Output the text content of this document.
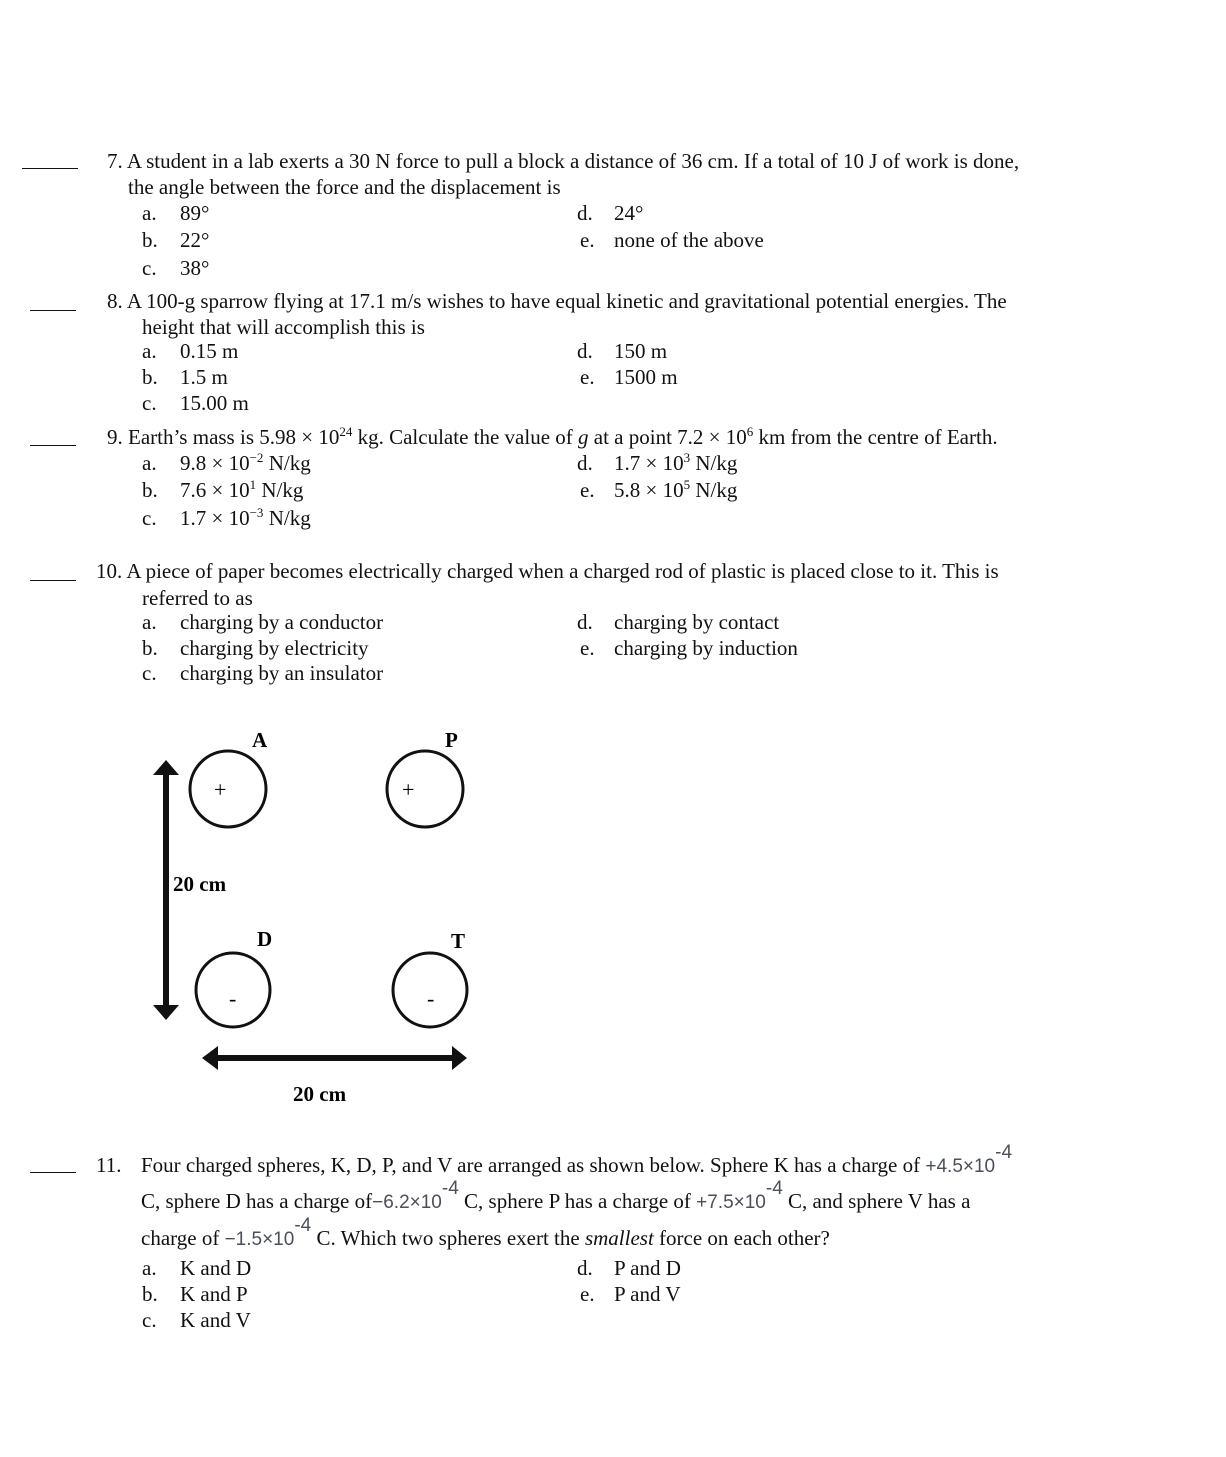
7. A student in a lab exerts a 30 N force to pull a block a distance of 36 cm. If a total of 10 J of work is done,
the angle between the force and the displacement is
a. 89°
b. 22°
c. 38°
d. 24°
e. none of the above
8. A 100-g sparrow flying at 17.1 m/s wishes to have equal kinetic and gravitational potential energies. The
height that will accomplish this is
a. 0.15 m
b. 1.5 m
c. 15.00 m
d. 150 m
e. 1500 m
9. Earth’s mass is $5.98 \times 10^{24}$ kg. Calculate the value of g at a point $7.2 \times 10^6$ km from the centre of Earth.
a. $9.8 \times 10^{-2}$ N/kg
b. $7.6 \times 10^1$ N/kg
c. $1.7 \times 10^{-3}$ N/kg
d. $1.7 \times 10^3$ N/kg
e. $5.8 \times 10^5$ N/kg
10. A piece of paper becomes electrically charged when a charged rod of plastic is placed close to it. This is
referred to as
a. charging by a conductor
b. charging by electricity
c. charging by an insulator
d. charging by contact
e. charging by induction
+	+
-	-
A	P
D	T
20 cm
20 cm
11. Four charged spheres, K, D, P, and V are arranged as shown below. Sphere K has a charge of +4.5×10-4
C, sphere D has a charge of−6.2×10-4 C, sphere P has a charge of +7.5×10-4 C, and sphere V has a
charge of −1.5×10-4 C. Which two spheres exert the smallest force on each other?
a. K and D
b. K and P
c. K and V
d. P and D
e. P and V
